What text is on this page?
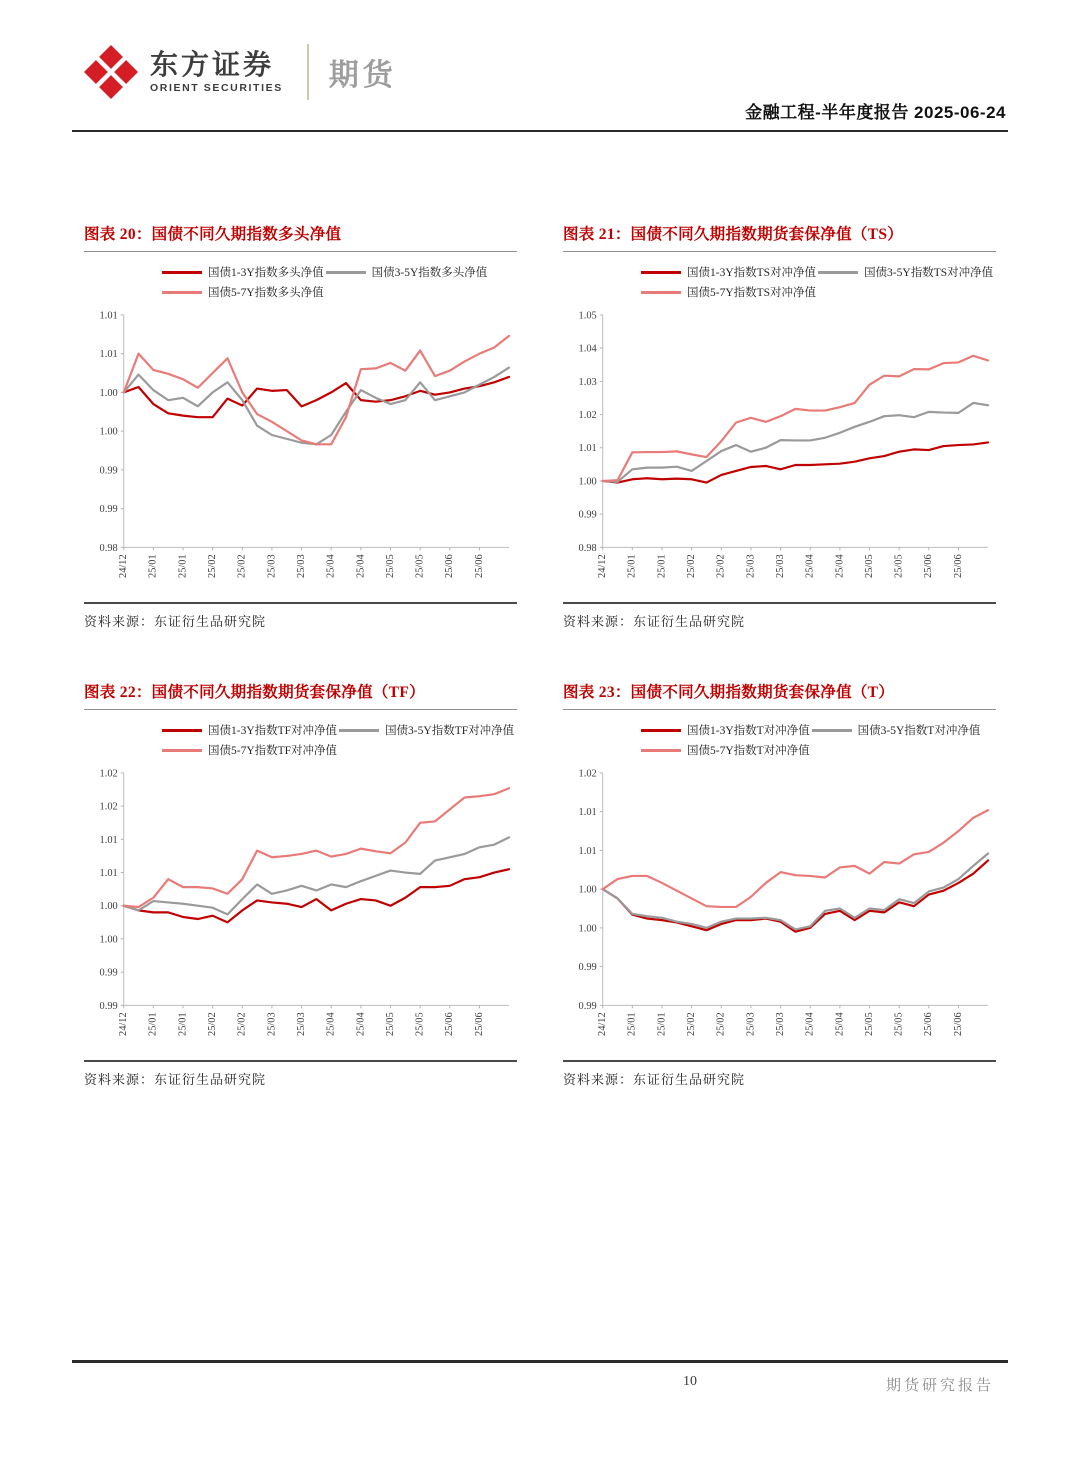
东方证券
ORIENT SECURITIES 期货
金融工程-半年度报告 2025-06-24
图表 20：国债不同久期指数多头净值
国债1-3Y指数多头净值	国债3-5Y指数多头净值
国债5-7Y指数多头净值
1.01
1.01
1.00
1.00
0.99
0.99
0.98
24/12 25/01 25/01 25/02 25/02 25/03 25/03 25/04 25/04 25/05 25/05 25/06 25/06
资料来源：东证衍生品研究院
图表 21：国债不同久期指数期货套保净值（TS）
国债1-3Y指数TS对冲净值	国债3-5Y指数TS对冲净值
国债5-7Y指数TS对冲净值
1.05
1.04
1.03
1.02
1.01
1.00
0.99
0.98
24/12 25/01 25/01 25/02 25/02 25/03 25/03 25/04 25/04 25/05 25/05 25/06 25/06
资料来源：东证衍生品研究院
图表 22：国债不同久期指数期货套保净值（TF）
国债1-3Y指数TF对冲净值	国债3-5Y指数TF对冲净值
国债5-7Y指数TF对冲净值
1.02
1.02
1.01
1.01
1.00
1.00
0.99
0.99
24/12 25/01 25/01 25/02 25/02 25/03 25/03 25/04 25/04 25/05 25/05 25/06 25/06
资料来源：东证衍生品研究院
图表 23：国债不同久期指数期货套保净值（T）
国债1-3Y指数T对冲净值	国债3-5Y指数T对冲净值
国债5-7Y指数T对冲净值
1.02
1.01
1.01
1.00
1.00
0.99
0.99
24/12 25/01 25/01 25/02 25/02 25/03 25/03 25/04 25/04 25/05 25/05 25/06 25/06
资料来源：东证衍生品研究院
10	期货研究报告
